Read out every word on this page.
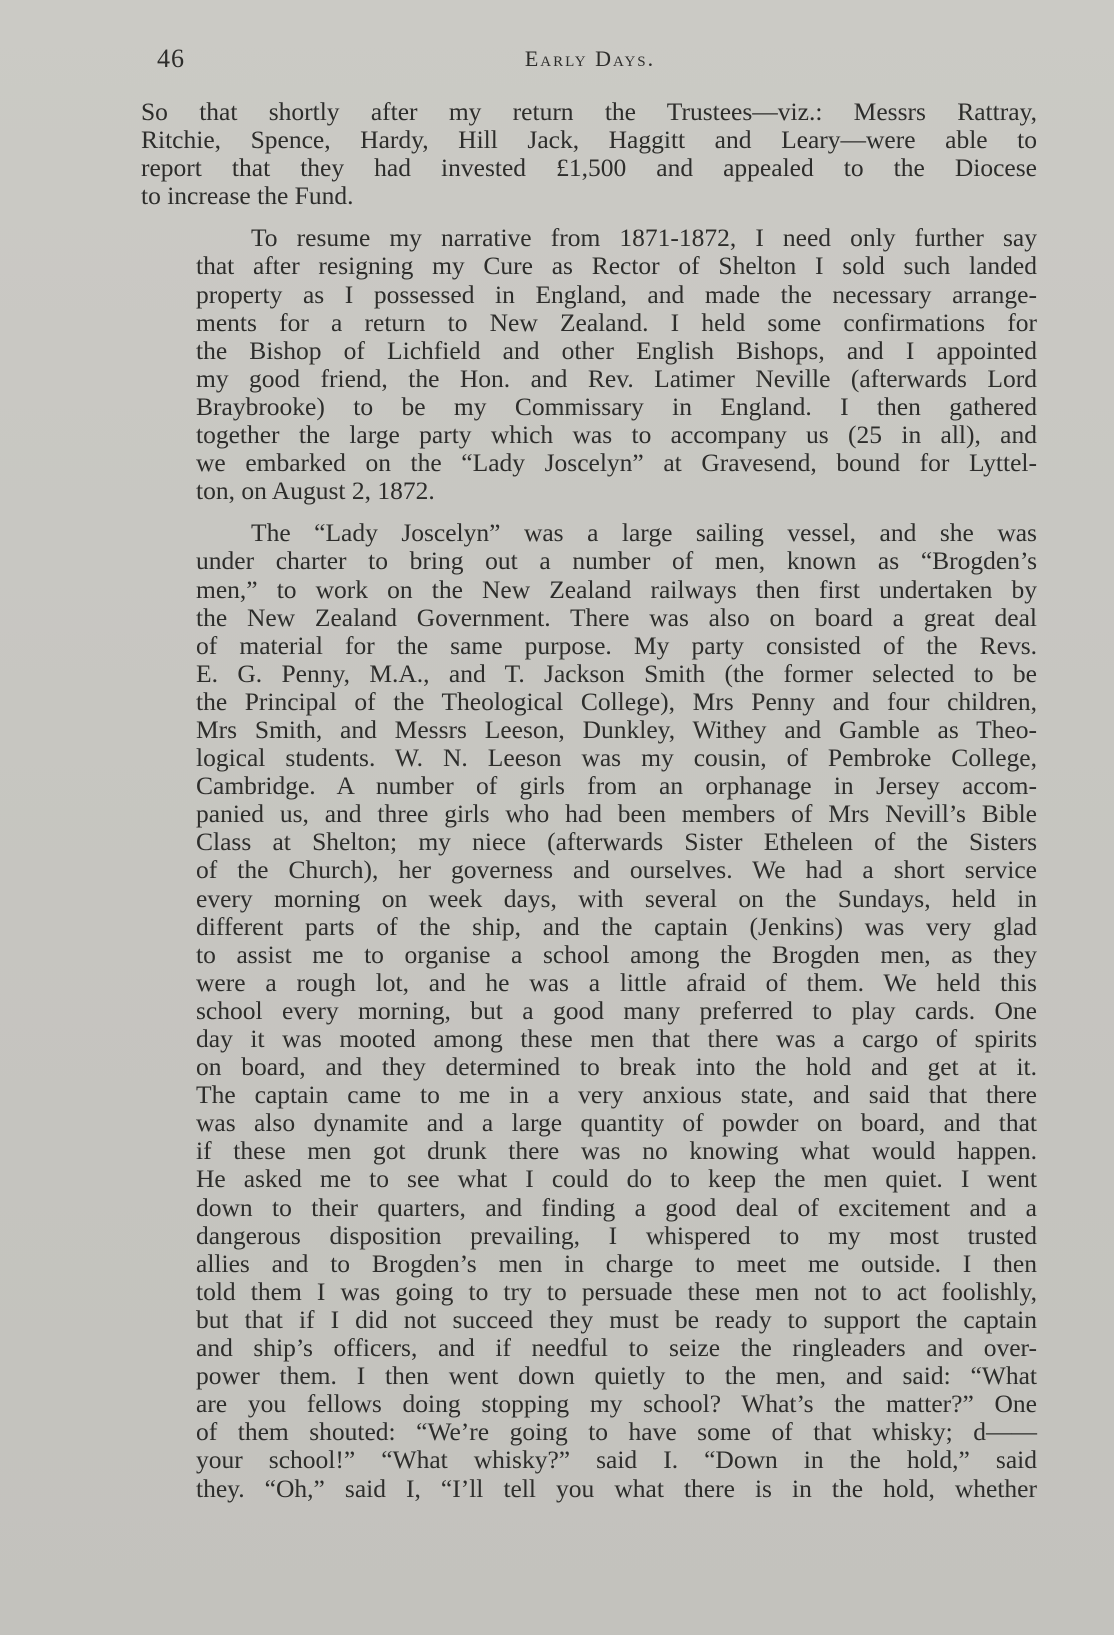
46	Early Days.
So that shortly after my return the Trustees—viz.: Messrs Rattray,
Ritchie, Spence, Hardy, Hill Jack, Haggitt and Leary—were able to
report that they had invested £1,500 and appealed to the Diocese
to increase the Fund.
To resume my narrative from 1871-1872, I need only further say
that after resigning my Cure as Rector of Shelton I sold such landed
property as I possessed in England, and made the necessary arrange-
ments for a return to New Zealand. I held some confirmations for
the Bishop of Lichfield and other English Bishops, and I appointed
my good friend, the Hon. and Rev. Latimer Neville (afterwards Lord
Braybrooke) to be my Commissary in England. I then gathered
together the large party which was to accompany us (25 in all), and
we embarked on the “Lady Joscelyn” at Gravesend, bound for Lyttel-
ton, on August 2, 1872.
The “Lady Joscelyn” was a large sailing vessel, and she was
under charter to bring out a number of men, known as “Brogden’s
men,” to work on the New Zealand railways then first undertaken by
the New Zealand Government. There was also on board a great deal
of material for the same purpose. My party consisted of the Revs.
E. G. Penny, M.A., and T. Jackson Smith (the former selected to be
the Principal of the Theological College), Mrs Penny and four children,
Mrs Smith, and Messrs Leeson, Dunkley, Withey and Gamble as Theo-
logical students. W. N. Leeson was my cousin, of Pembroke College,
Cambridge. A number of girls from an orphanage in Jersey accom-
panied us, and three girls who had been members of Mrs Nevill’s Bible
Class at Shelton; my niece (afterwards Sister Etheleen of the Sisters
of the Church), her governess and ourselves. We had a short service
every morning on week days, with several on the Sundays, held in
different parts of the ship, and the captain (Jenkins) was very glad
to assist me to organise a school among the Brogden men, as they
were a rough lot, and he was a little afraid of them. We held this
school every morning, but a good many preferred to play cards. One
day it was mooted among these men that there was a cargo of spirits
on board, and they determined to break into the hold and get at it.
The captain came to me in a very anxious state, and said that there
was also dynamite and a large quantity of powder on board, and that
if these men got drunk there was no knowing what would happen.
He asked me to see what I could do to keep the men quiet. I went
down to their quarters, and finding a good deal of excitement and a
dangerous disposition prevailing, I whispered to my most trusted
allies and to Brogden’s men in charge to meet me outside. I then
told them I was going to try to persuade these men not to act foolishly,
but that if I did not succeed they must be ready to support the captain
and ship’s officers, and if needful to seize the ringleaders and over-
power them. I then went down quietly to the men, and said: “What
are you fellows doing stopping my school? What’s the matter?” One
of them shouted: “We’re going to have some of that whisky; d——
your school!” “What whisky?” said I. “Down in the hold,” said
they. “Oh,” said I, “I’ll tell you what there is in the hold, whether
